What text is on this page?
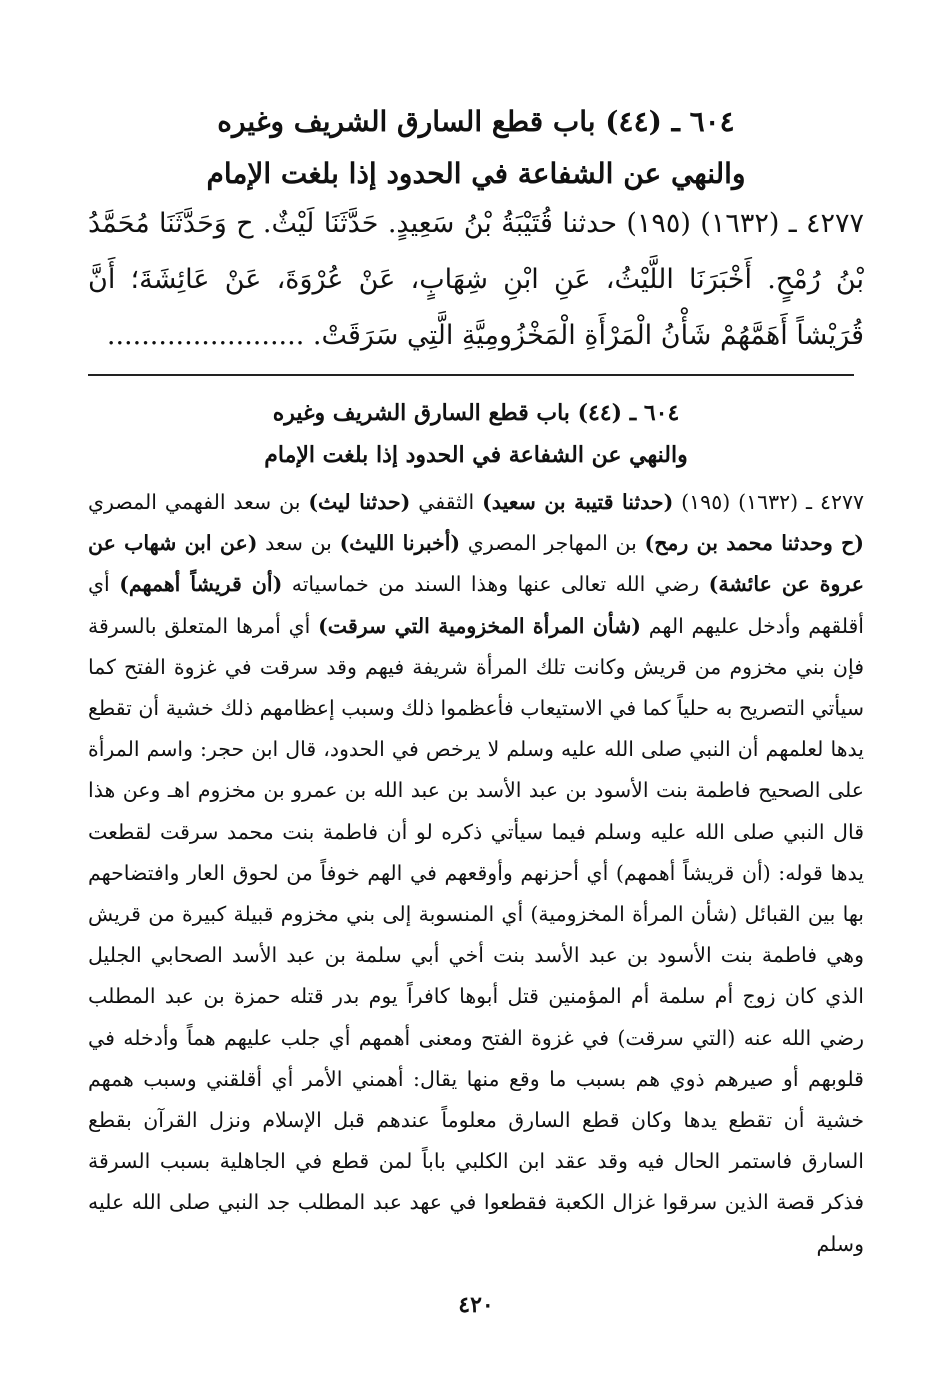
٦٠٤ ـ (٤٤) باب قطع السارق الشريف وغيره
والنهي عن الشفاعة في الحدود إذا بلغت الإمام
٤٢٧٧ ـ (١٦٣٢) (١٩٥) حدثنا قُتَيْبَةُ بْنُ سَعِيدٍ. حَدَّثَنَا لَيْثٌ. ح وَحَدَّثَنَا مُحَمَّدُ بْنُ رُمْحٍ. أَخْبَرَنَا اللَّيْثُ، عَنِ ابْنِ شِهَابٍ، عَنْ عُرْوَةَ، عَنْ عَائِشَةَ؛ أَنَّ قُرَيْشاً أَهَمَّهُمْ شَأْنُ الْمَرْأَةِ الْمَخْزُومِيَّةِ الَّتِي سَرَقَتْ. .......................
٦٠٤ ـ (٤٤) باب قطع السارق الشريف وغيره
والنهي عن الشفاعة في الحدود إذا بلغت الإمام
٤٢٧٧ ـ (١٦٣٢) (١٩٥) (حدثنا قتيبة بن سعيد) الثقفي (حدثنا ليث) بن سعد الفهمي المصري (ح وحدثنا محمد بن رمح) بن المهاجر المصري (أخبرنا الليث) بن سعد (عن ابن شهاب عن عروة عن عائشة) رضي الله تعالى عنها وهذا السند من خماسياته (أن قريشاً أهمهم) أي أقلقهم وأدخل عليهم الهم (شأن المرأة المخزومية التي سرقت) أي أمرها المتعلق بالسرقة فإن بني مخزوم من قريش وكانت تلك المرأة شريفة فيهم وقد سرقت في غزوة الفتح كما سيأتي التصريح به حلياً كما في الاستيعاب فأعظموا ذلك وسبب إعظامهم ذلك خشية أن تقطع يدها لعلمهم أن النبي صلى الله عليه وسلم لا يرخص في الحدود، قال ابن حجر: واسم المرأة على الصحيح فاطمة بنت الأسود بن عبد الأسد بن عبد الله بن عمرو بن مخزوم اهـ وعن هذا قال النبي صلى الله عليه وسلم فيما سيأتي ذكره لو أن فاطمة بنت محمد سرقت لقطعت يدها قوله: (أن قريشاً أهمهم) أي أحزنهم وأوقعهم في الهم خوفاً من لحوق العار وافتضاحهم بها بين القبائل (شأن المرأة المخزومية) أي المنسوبة إلى بني مخزوم قبيلة كبيرة من قريش وهي فاطمة بنت الأسود بن عبد الأسد بنت أخي أبي سلمة بن عبد الأسد الصحابي الجليل الذي كان زوج أم سلمة أم المؤمنين قتل أبوها كافراً يوم بدر قتله حمزة بن عبد المطلب رضي الله عنه (التي سرقت) في غزوة الفتح ومعنى أهمهم أي جلب عليهم هماً وأدخله في قلوبهم أو صيرهم ذوي هم بسبب ما وقع منها يقال: أهمني الأمر أي أقلقني وسبب همهم خشية أن تقطع يدها وكان قطع السارق معلوماً عندهم قبل الإسلام ونزل القرآن بقطع السارق فاستمر الحال فيه وقد عقد ابن الكلبي باباً لمن قطع في الجاهلية بسبب السرقة فذكر قصة الذين سرقوا غزال الكعبة فقطعوا في عهد عبد المطلب جد النبي صلى الله عليه وسلم
٤٢٠
